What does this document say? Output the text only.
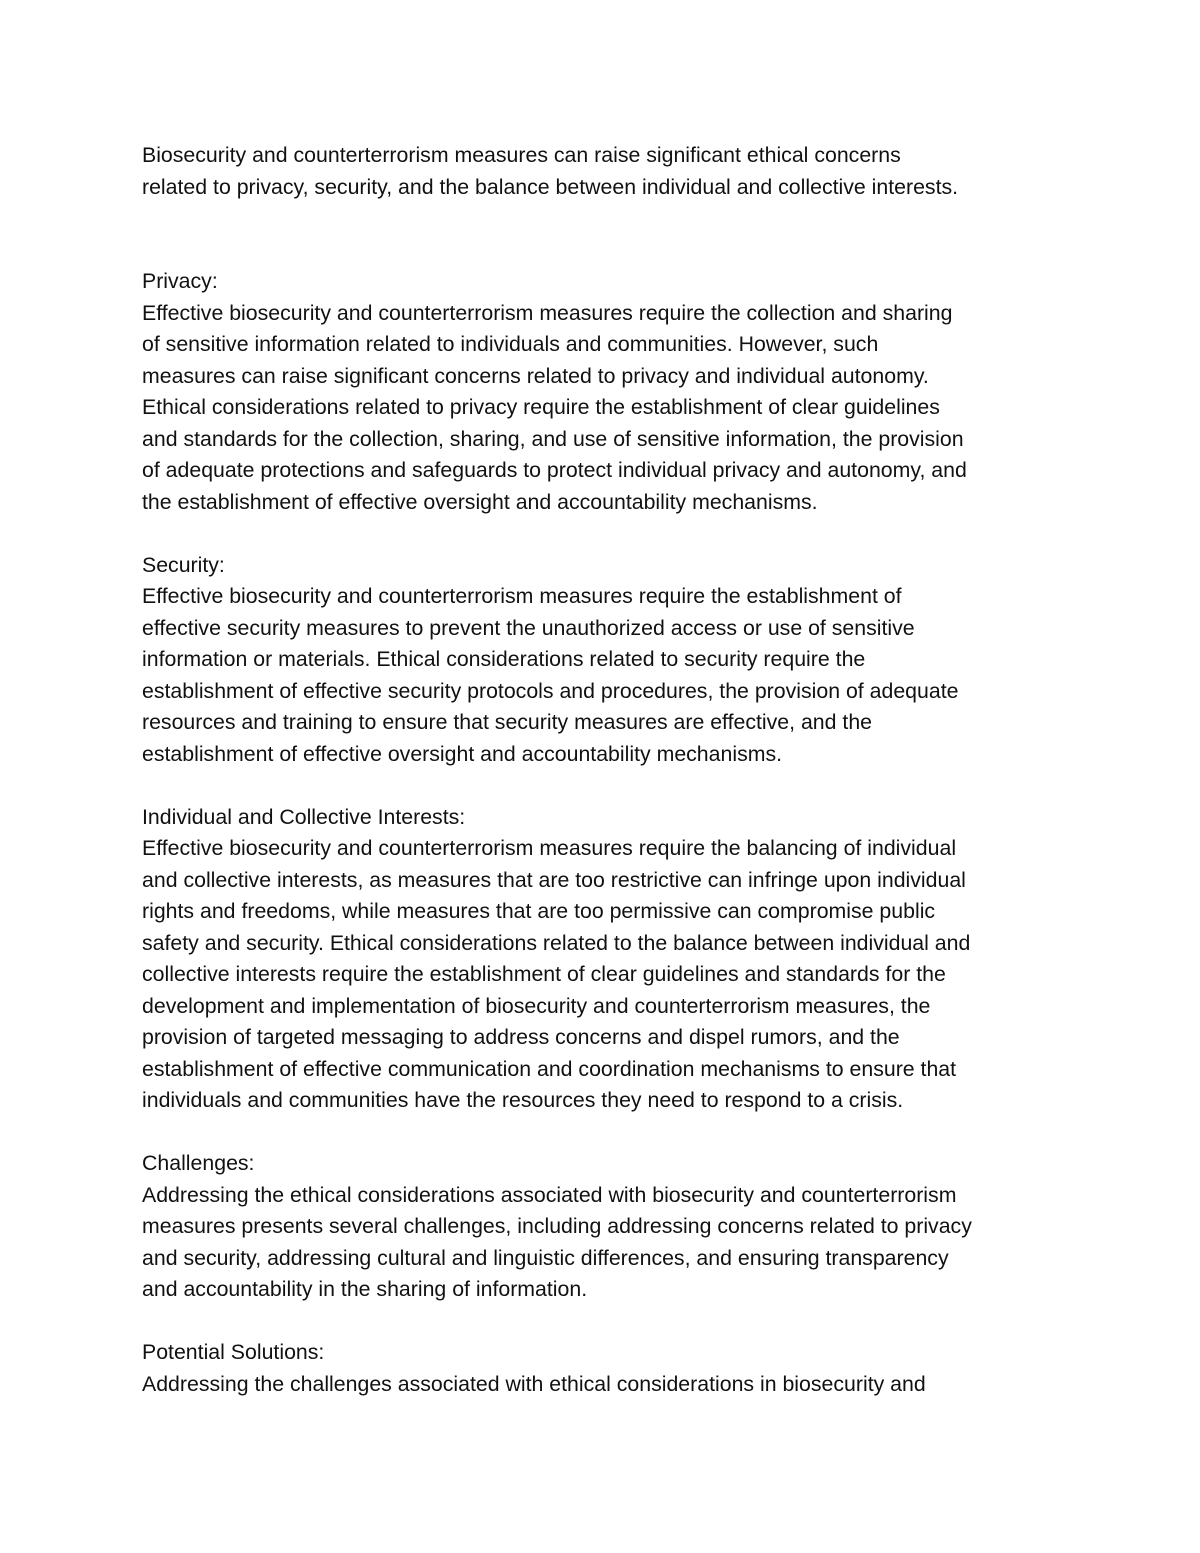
Biosecurity and counterterrorism measures can raise significant ethical concerns
related to privacy, security, and the balance between individual and collective interests.
Privacy:
Effective biosecurity and counterterrorism measures require the collection and sharing
of sensitive information related to individuals and communities. However, such
measures can raise significant concerns related to privacy and individual autonomy.
Ethical considerations related to privacy require the establishment of clear guidelines
and standards for the collection, sharing, and use of sensitive information, the provision
of adequate protections and safeguards to protect individual privacy and autonomy, and
the establishment of effective oversight and accountability mechanisms.
Security:
Effective biosecurity and counterterrorism measures require the establishment of
effective security measures to prevent the unauthorized access or use of sensitive
information or materials. Ethical considerations related to security require the
establishment of effective security protocols and procedures, the provision of adequate
resources and training to ensure that security measures are effective, and the
establishment of effective oversight and accountability mechanisms.
Individual and Collective Interests:
Effective biosecurity and counterterrorism measures require the balancing of individual
and collective interests, as measures that are too restrictive can infringe upon individual
rights and freedoms, while measures that are too permissive can compromise public
safety and security. Ethical considerations related to the balance between individual and
collective interests require the establishment of clear guidelines and standards for the
development and implementation of biosecurity and counterterrorism measures, the
provision of targeted messaging to address concerns and dispel rumors, and the
establishment of effective communication and coordination mechanisms to ensure that
individuals and communities have the resources they need to respond to a crisis.
Challenges:
Addressing the ethical considerations associated with biosecurity and counterterrorism
measures presents several challenges, including addressing concerns related to privacy
and security, addressing cultural and linguistic differences, and ensuring transparency
and accountability in the sharing of information.
Potential Solutions:
Addressing the challenges associated with ethical considerations in biosecurity and
